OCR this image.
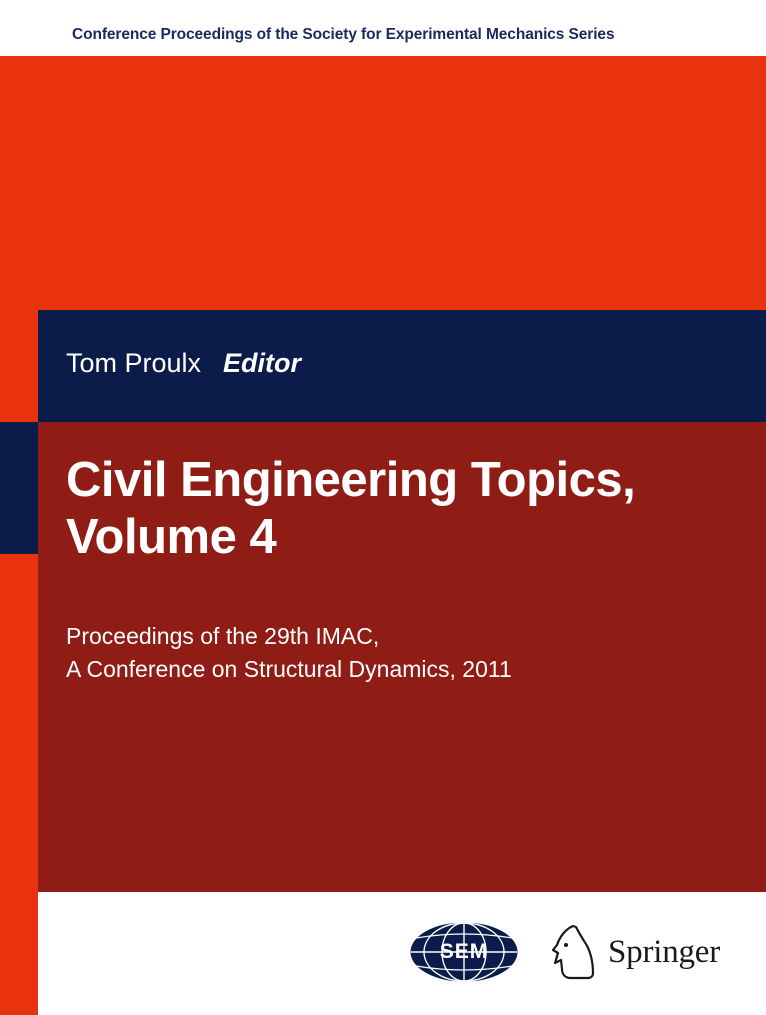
Conference Proceedings of the Society for Experimental Mechanics Series
Tom Proulx Editor
Civil Engineering Topics,
Volume 4
Proceedings of the 29th IMAC,
A Conference on Structural Dynamics, 2011
SEM	Springer
